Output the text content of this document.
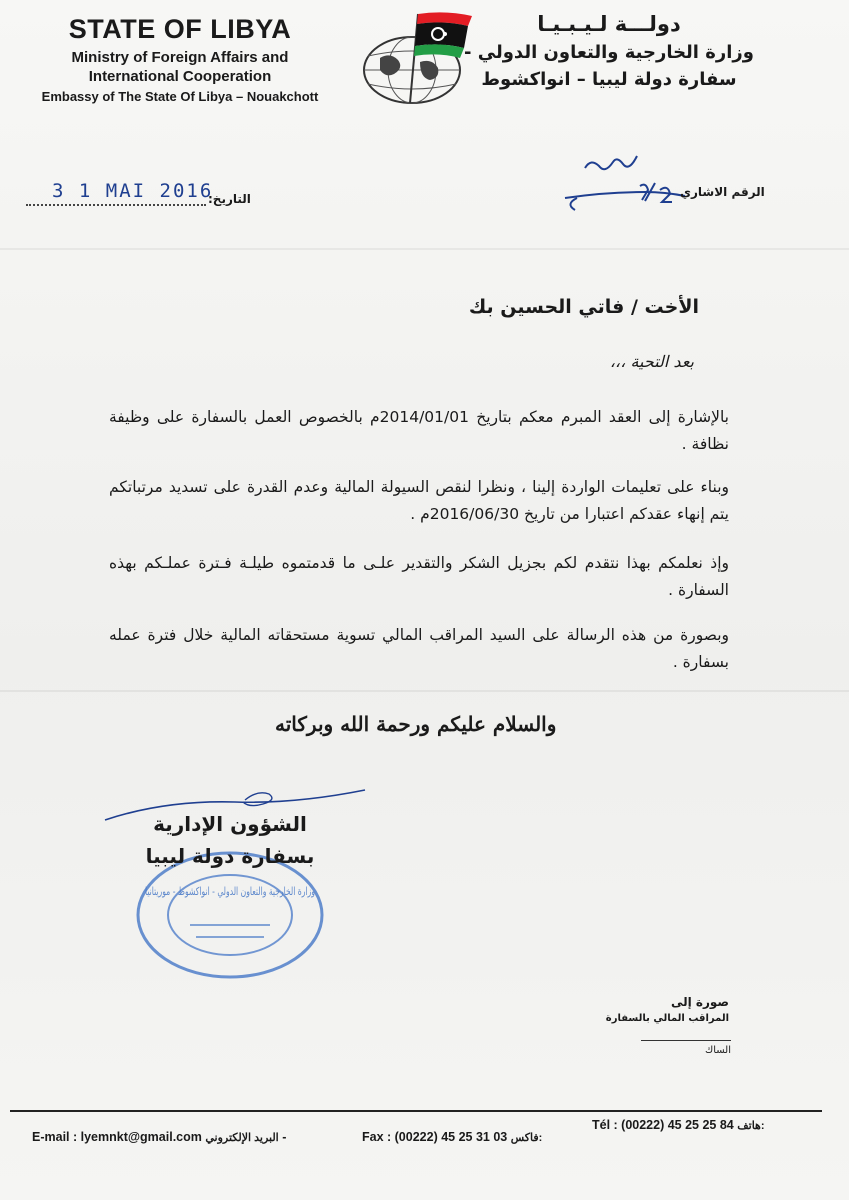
STATE OF LIBYA
Ministry of Foreign Affairs and
International Cooperation
Embassy of The State Of Libya – Nouakchott
دولـــة لـيـبـيـا
وزارة الخارجية والتعاون الدولي -
سفارة دولة ليبيا – انواكشوط
3 1 MAI 2016
التاريخ:	الرقم الاشاري
الأخت / فاتي الحسين بك
بعد التحية ،،،
بالإشارة إلى العقد المبرم معكم بتاريخ 2014/01/01م بالخصوص العمل بالسفارة على وظيفة نظافة .
وبناء على تعليمات الواردة إلينا ، ونظرا لنقص السيولة المالية وعدم القدرة على تسديد مرتباتكم يتم إنهاء عقدكم اعتبارا من تاريخ 2016/06/30م .
وإذ نعلمكم بهذا نتقدم لكم بجزيل الشكر والتقدير علـى ما قدمتموه طيلـة فـترة عملـكم بهذه السفارة .
وبصورة من هذه الرسالة على السيد المراقب المالي تسوية مستحقاته المالية خلال فترة عمله بسفارة .
والسلام عليكم ورحمة الله وبركاته
وزارة الخارجية والتعاون الدولي - انواكشوط - موريتانيا
الشؤون الإدارية
بسفارة دولة ليبيا
صورة إلى
المراقب المالي بالسفارة
الساك
E-mail : lyemnkt@gmail.com البريد الإلكتروني -	Fax : (00222) 45 25 31 03 فاكس:
Tél : (00222) 45 25 25 84 هاتف:
